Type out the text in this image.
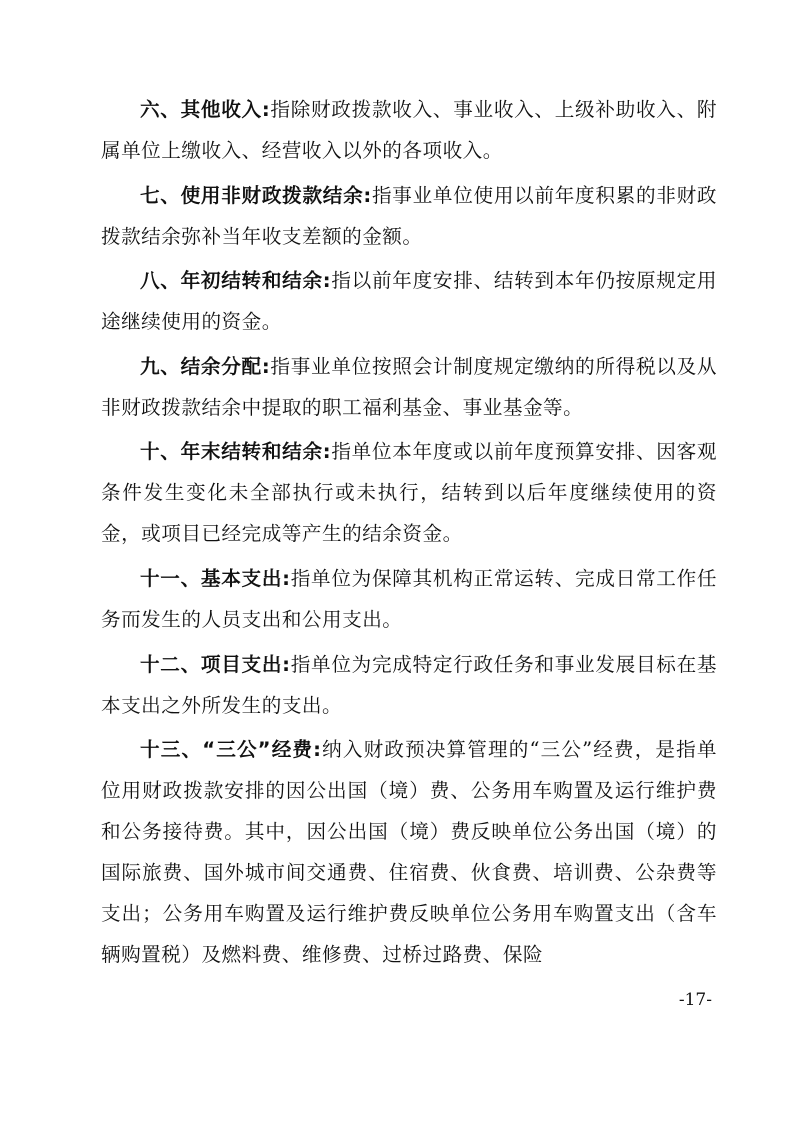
六、其他收入:指除财政拨款收入、事业收入、上级补助收入、附属单位上缴收入、经营收入以外的各项收入。

七、使用非财政拨款结余:指事业单位使用以前年度积累的非财政拨款结余弥补当年收支差额的金额。

八、年初结转和结余:指以前年度安排、结转到本年仍按原规定用途继续使用的资金。

九、结余分配:指事业单位按照会计制度规定缴纳的所得税以及从非财政拨款结余中提取的职工福利基金、事业基金等。

十、年末结转和结余:指单位本年度或以前年度预算安排、因客观条件发生变化未全部执行或未执行，结转到以后年度继续使用的资金，或项目已经完成等产生的结余资金。

十一、基本支出:指单位为保障其机构正常运转、完成日常工作任务而发生的人员支出和公用支出。

十二、项目支出:指单位为完成特定行政任务和事业发展目标在基本支出之外所发生的支出。

十三、“三公”经费:纳入财政预决算管理的“三公”经费，是指单位用财政拨款安排的因公出国（境）费、公务用车购置及运行维护费和公务接待费。其中，因公出国（境）费反映单位公务出国（境）的国际旅费、国外城市间交通费、住宿费、伙食费、培训费、公杂费等支出；公务用车购置及运行维护费反映单位公务用车购置支出（含车辆购置税）及燃料费、维修费、过桥过路费、保险

-17-
